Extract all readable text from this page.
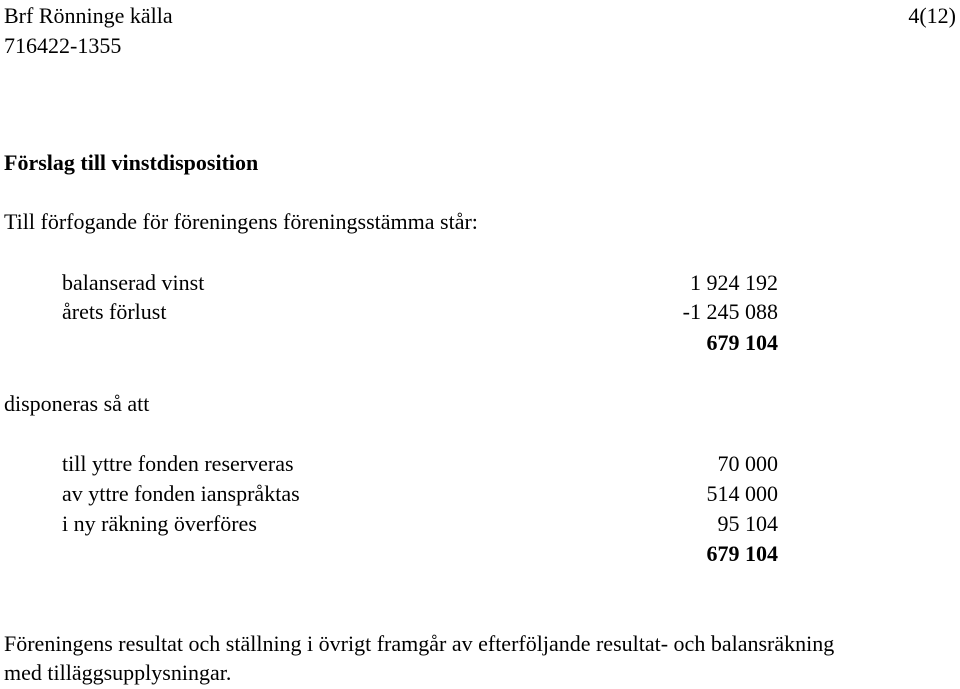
Brf Rönninge källa
716422-1355
4(12)
Förslag till vinstdisposition
Till förfogande för föreningens föreningsstämma står:
balanserad vinst	1 924 192
årets förlust	-1 245 088
679 104
disponeras så att
till yttre fonden reserveras	70 000
av yttre fonden ianspråktas	514 000
i ny räkning överföres	95 104
679 104
Föreningens resultat och ställning i övrigt framgår av efterföljande resultat- och balansräkning
med tilläggsupplysningar.
